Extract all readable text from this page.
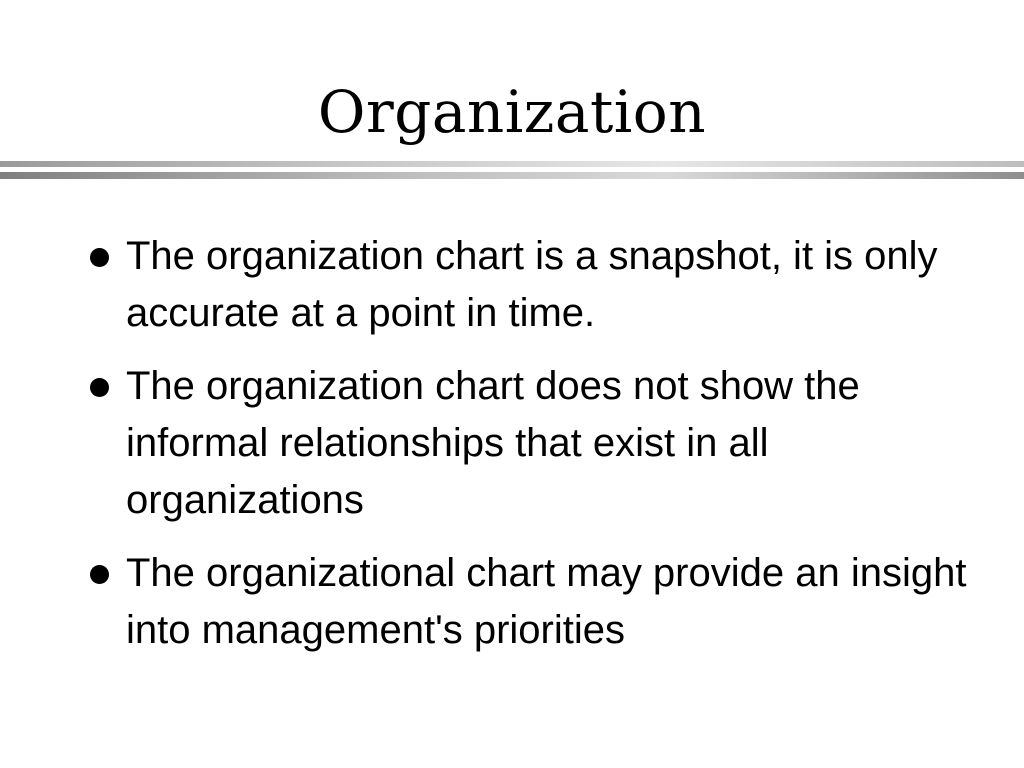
Organization
The organization chart is a snapshot, it is only accurate at a point in time.
The organization chart does not show the informal relationships that exist in all organizations
The organizational chart may provide an insight into management's priorities
